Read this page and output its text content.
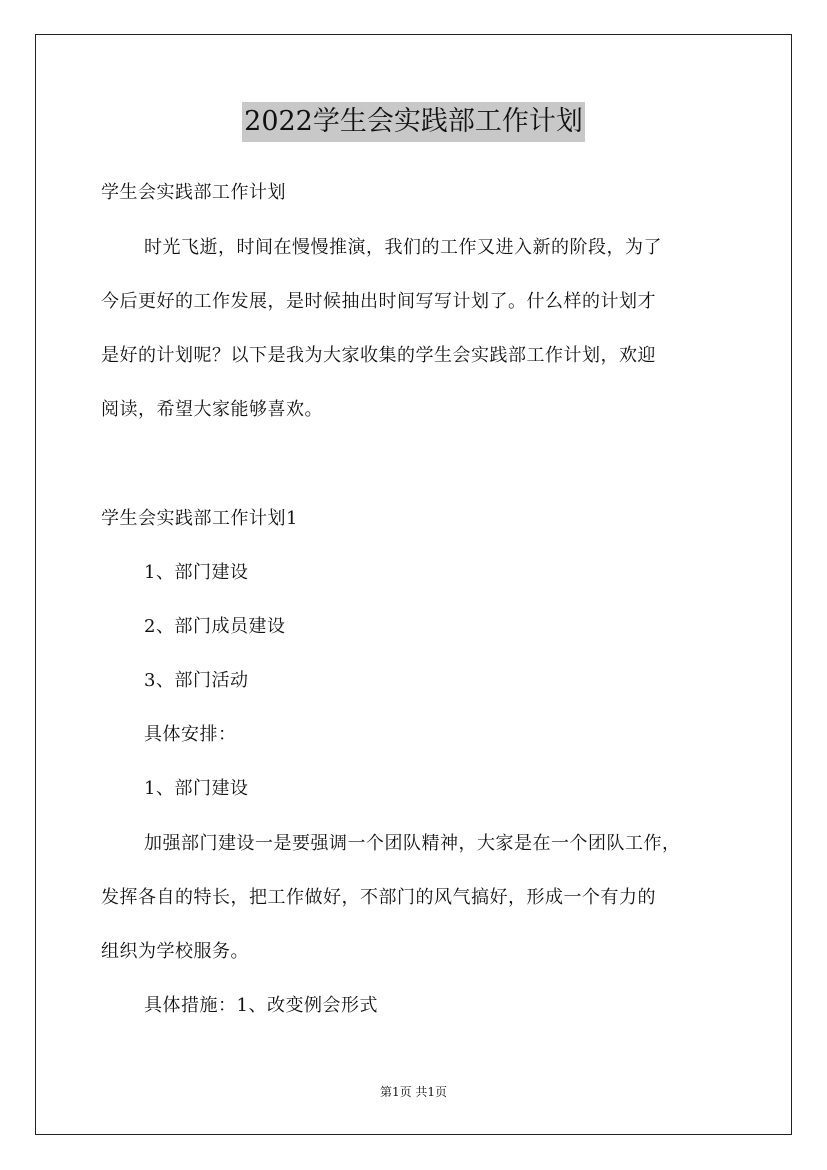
2022学生会实践部工作计划
学生会实践部工作计划
时光飞逝，时间在慢慢推演，我们的工作又进入新的阶段，为了
今后更好的工作发展，是时候抽出时间写写计划了。什么样的计划才
是好的计划呢？以下是我为大家收集的学生会实践部工作计划，欢迎
阅读，希望大家能够喜欢。
学生会实践部工作计划1
1、部门建设
2、部门成员建设
3、部门活动
具体安排：
1、部门建设
加强部门建设一是要强调一个团队精神，大家是在一个团队工作，
发挥各自的特长，把工作做好，不部门的风气搞好，形成一个有力的
组织为学校服务。
具体措施：1、改变例会形式
第1页 共1页
